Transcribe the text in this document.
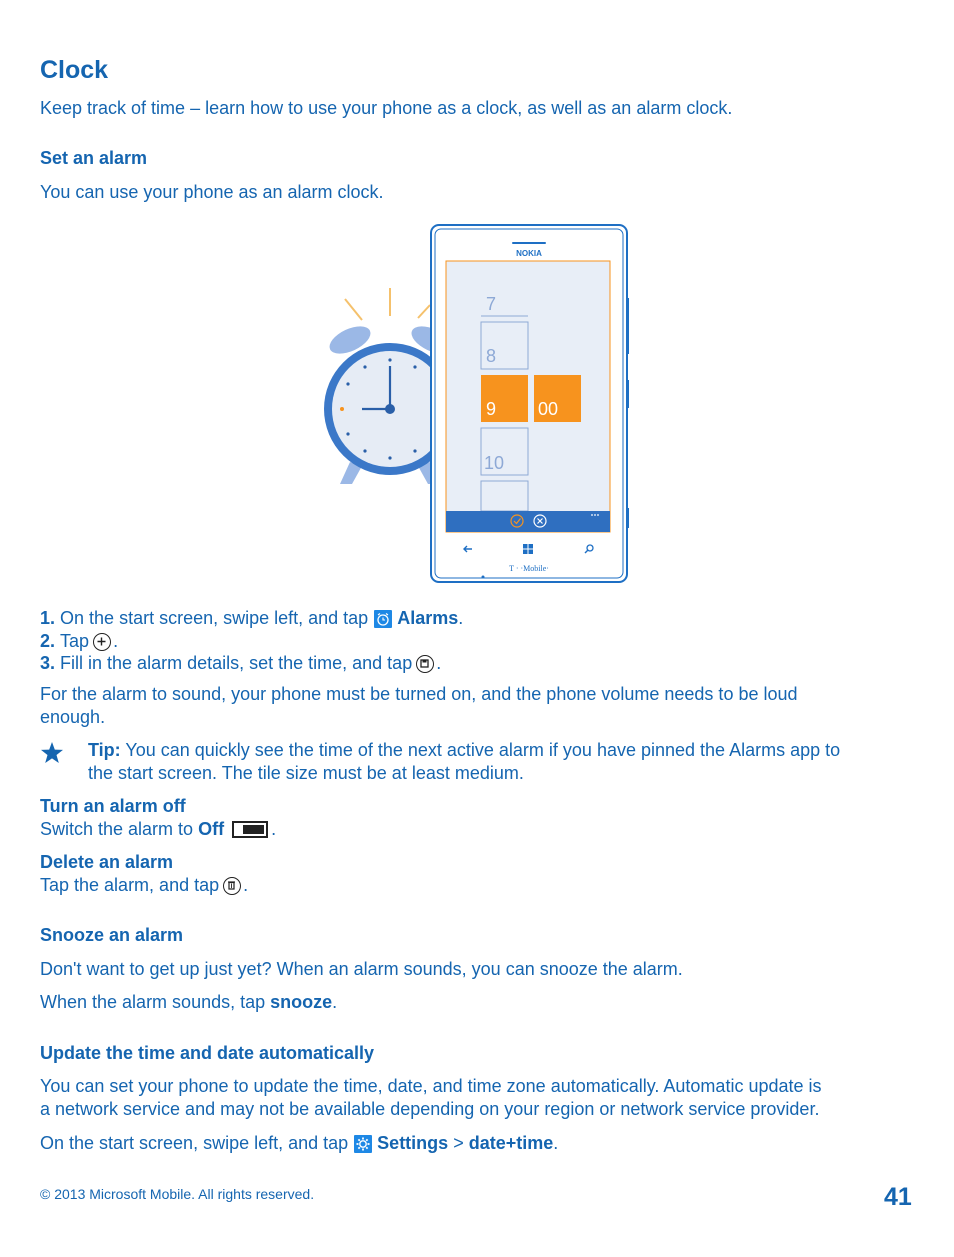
Clock
Keep track of time – learn how to use your phone as a clock, as well as an alarm clock.
Set an alarm
You can use your phone as an alarm clock.
NOKIA
7
8
9 00
10
T · ·Mobile·
1.
On the start screen, swipe left, and tap Alarms .
2.
Tap .
3.
Fill in the alarm details, set the time, and tap .
For the alarm to sound, your phone must be turned on, and the phone volume needs to be loud
enough.
Tip: You can quickly see the time of the next active alarm if you have pinned the Alarms app to
the start screen. The tile size must be at least medium.
Turn an alarm off
Switch the alarm to
Off	.
Delete an alarm
Tap the alarm, and tap .
Snooze an alarm
Don't want to get up just yet? When an alarm sounds, you can snooze the alarm.
When the alarm sounds, tap
snooze .
Update the time and date automatically
You can set your phone to update the time, date, and time zone automatically. Automatic update is
a network service and may not be available depending on your region or network service provider.
On the start screen, swipe left, and tap Settings
>
date+time .
© 2013 Microsoft Mobile. All rights reserved.	41
